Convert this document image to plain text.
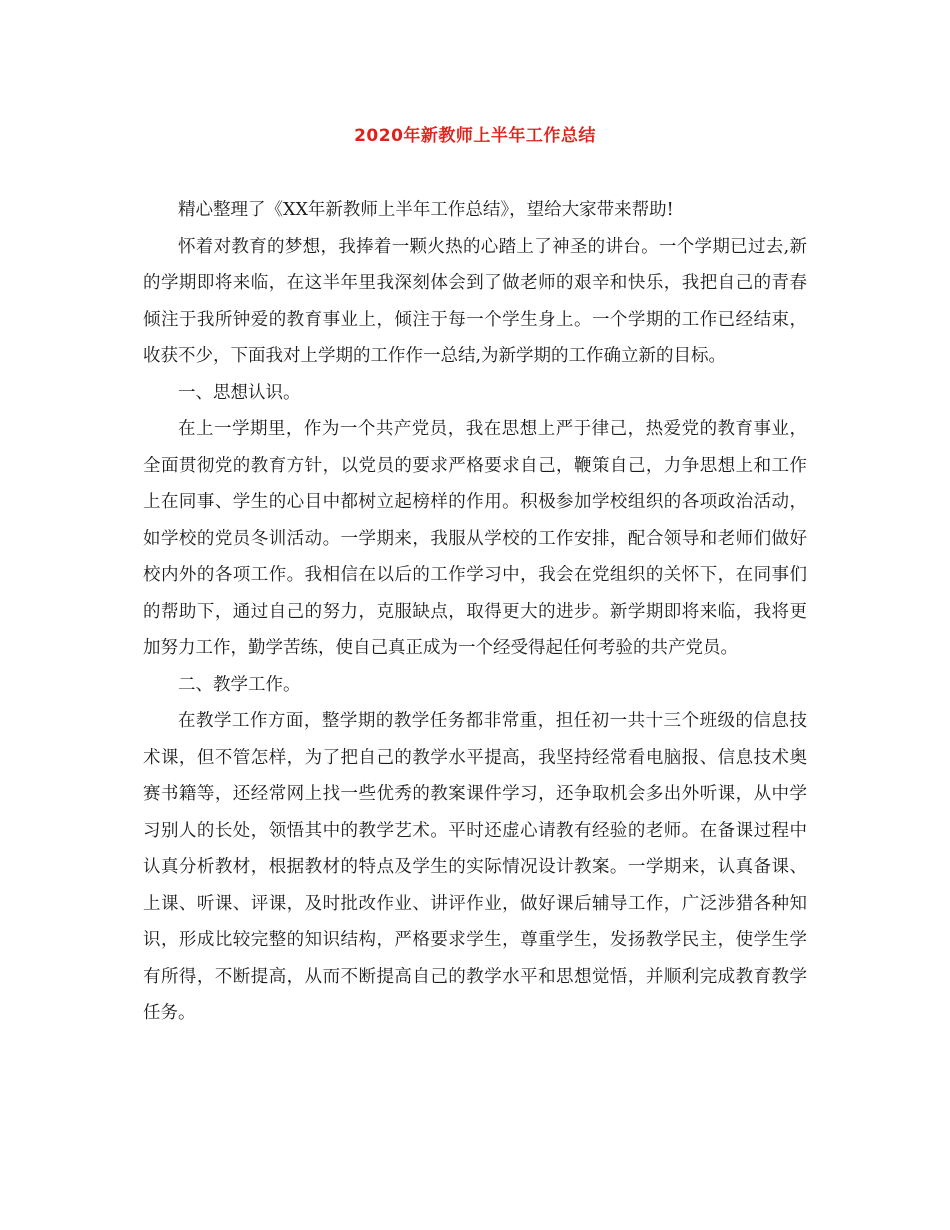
2020年新教师上半年工作总结

精心整理了《XX年新教师上半年工作总结》，望给大家带来帮助!

怀着对教育的梦想，我捧着一颗火热的心踏上了神圣的讲台。一个学期已过去,新的学期即将来临，在这半年里我深刻体会到了做老师的艰辛和快乐，我把自己的青春倾注于我所钟爱的教育事业上，倾注于每一个学生身上。一个学期的工作已经结束，收获不少，下面我对上学期的工作作一总结,为新学期的工作确立新的目标。

一、思想认识。

在上一学期里，作为一个共产党员，我在思想上严于律己，热爱党的教育事业，全面贯彻党的教育方针，以党员的要求严格要求自己，鞭策自己，力争思想上和工作上在同事、学生的心目中都树立起榜样的作用。积极参加学校组织的各项政治活动，如学校的党员冬训活动。一学期来，我服从学校的工作安排，配合领导和老师们做好校内外的各项工作。我相信在以后的工作学习中，我会在党组织的关怀下，在同事们的帮助下，通过自己的努力，克服缺点，取得更大的进步。新学期即将来临，我将更加努力工作，勤学苦练，使自己真正成为一个经受得起任何考验的共产党员。

二、教学工作。

在教学工作方面，整学期的教学任务都非常重，担任初一共十三个班级的信息技术课，但不管怎样，为了把自己的教学水平提高，我坚持经常看电脑报、信息技术奥赛书籍等，还经常网上找一些优秀的教案课件学习，还争取机会多出外听课，从中学习别人的长处，领悟其中的教学艺术。平时还虚心请教有经验的老师。在备课过程中认真分析教材，根据教材的特点及学生的实际情况设计教案。一学期来，认真备课、上课、听课、评课，及时批改作业、讲评作业，做好课后辅导工作，广泛涉猎各种知识，形成比较完整的知识结构，严格要求学生，尊重学生，发扬教学民主，使学生学有所得，不断提高，从而不断提高自己的教学水平和思想觉悟，并顺利完成教育教学任务。
